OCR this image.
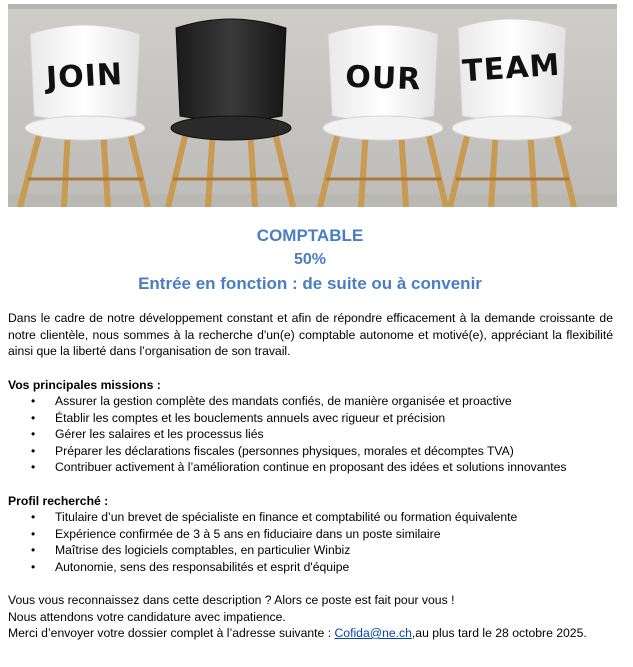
JOIN	OUR TEAM
COMPTABLE
50%
Entrée en fonction : de suite ou à convenir

Dans le cadre de notre développement constant et afin de répondre efficacement à la demande croissante de notre clientèle, nous sommes à la recherche d'un(e) comptable autonome et motivé(e), appréciant la flexibilité ainsi que la liberté dans l’organisation de son travail.

Vos principales missions :
• Assurer la gestion complète des mandats confiés, de manière organisée et proactive
• Établir les comptes et les bouclements annuels avec rigueur et précision
• Gérer les salaires et les processus liés
• Préparer les déclarations fiscales (personnes physiques, morales et décomptes TVA)
• Contribuer activement à l’amélioration continue en proposant des idées et solutions innovantes
Profil recherché :
• Titulaire d’un brevet de spécialiste en finance et comptabilité ou formation équivalente
• Expérience confirmée de 3 à 5 ans en fiduciaire dans un poste similaire
• Maîtrise des logiciels comptables, en particulier Winbiz
• Autonomie, sens des responsabilités et esprit d'équipe

Vous vous reconnaissez dans cette description ? Alors ce poste est fait pour vous !

Nous attendons votre candidature avec impatience.

Merci d’envoyer votre dossier complet à l’adresse suivante : Cofida@ne.ch,au plus tard le 28 octobre 2025.
